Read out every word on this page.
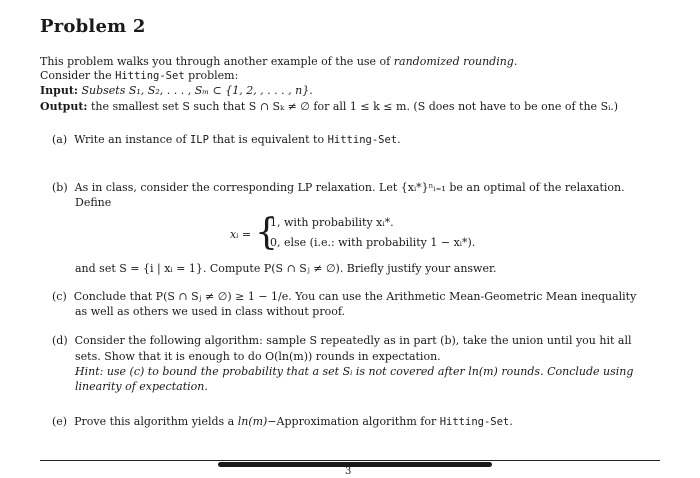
Problem 2
This problem walks you through another example of the use of randomized rounding.
Consider the Hitting-Set problem:
Input: Subsets S₁, S₂, . . . , Sₘ ⊂ {1, 2, , . . . , n}.
Output: the smallest set S such that S ∩ Sₖ ≠ ∅ for all 1 ≤ k ≤ m. (S does not have to be one of the Sᵢ.)
(a) Write an instance of ILP that is equivalent to Hitting-Set.
(b) As in class, consider the corresponding LP relaxation. Let {xᵢ*}ⁿᵢ₌₁ be an optimal of the relaxation.
Define
xᵢ = {
1, with probability xᵢ*.
0, else (i.e.: with probability 1 − xᵢ*).
and set S = {i | xᵢ = 1}. Compute P(S ∩ Sⱼ ≠ ∅). Briefly justify your answer.
(c) Conclude that P(S ∩ Sⱼ ≠ ∅) ≥ 1 − 1/e. You can use the Arithmetic Mean-Geometric Mean inequality
as well as others we used in class without proof.
(d) Consider the following algorithm: sample S repeatedly as in part (b), take the union until you hit all
sets. Show that it is enough to do O(ln(m)) rounds in expectation.
Hint: use (c) to bound the probability that a set Sᵢ is not covered after ln(m) rounds. Conclude using
linearity of expectation.
(e) Prove this algorithm yields a ln(m)−Approximation algorithm for Hitting-Set.
3
